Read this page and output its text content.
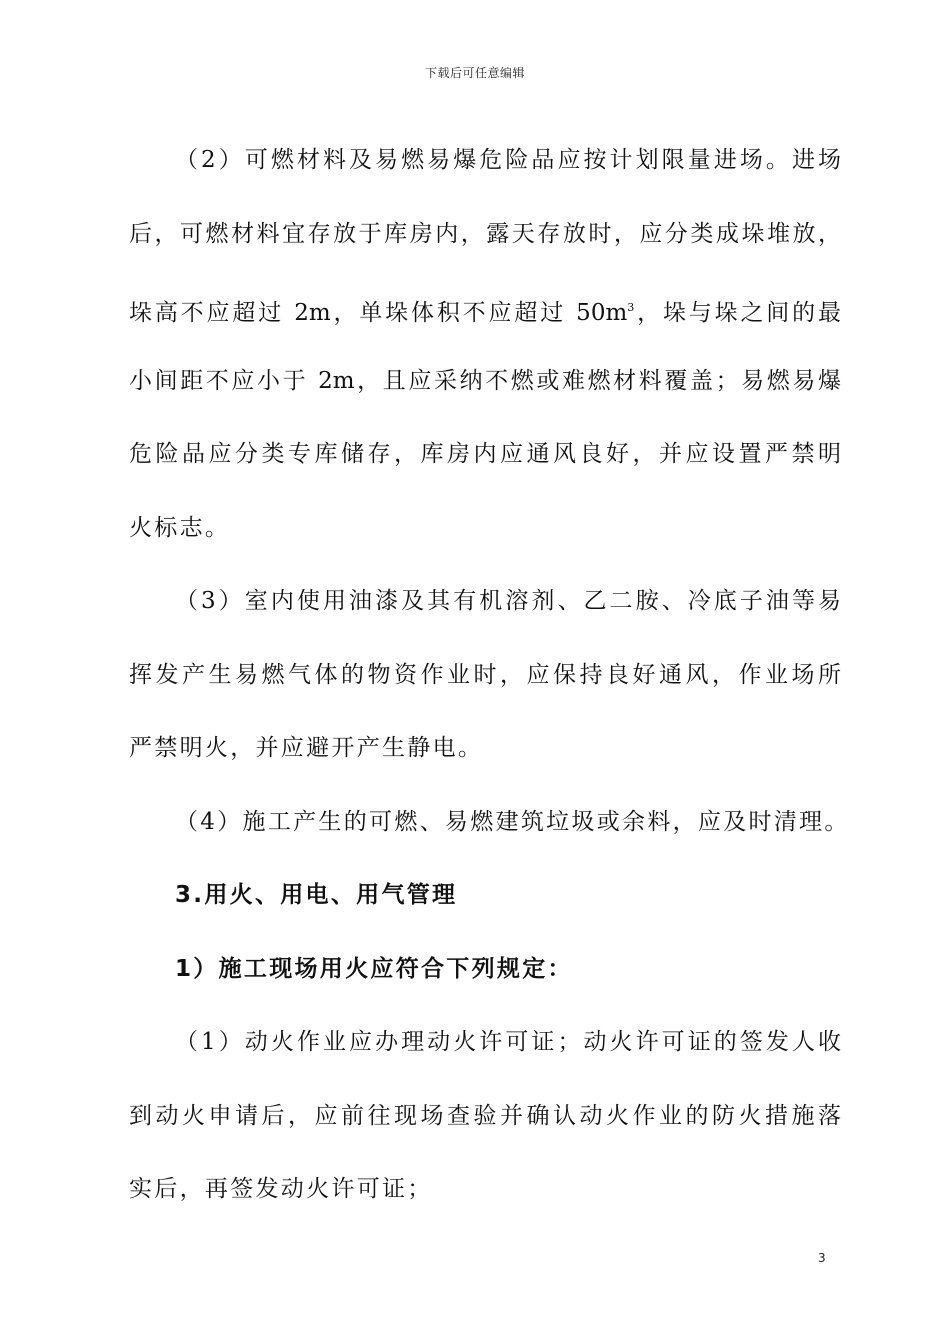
下载后可任意编辑
（2）可燃材料及易燃易爆危险品应按计划限量进场。进场
后，可燃材料宜存放于库房内，露天存放时，应分类成垛堆放，
垛高不应超过 2m，单垛体积不应超过 $50m^3$，垛与垛之间的最
小间距不应小于 2m，且应采纳不燃或难燃材料覆盖；易燃易爆
危险品应分类专库储存，库房内应通风良好，并应设置严禁明
火标志。
（3）室内使用油漆及其有机溶剂、乙二胺、冷底子油等易
挥发产生易燃气体的物资作业时，应保持良好通风，作业场所
严禁明火，并应避开产生静电。
（4）施工产生的可燃、易燃建筑垃圾或余料，应及时清理。
3.用火、用电、用气管理
1）施工现场用火应符合下列规定：
（1）动火作业应办理动火许可证；动火许可证的签发人收
到动火申请后，应前往现场查验并确认动火作业的防火措施落
实后，再签发动火许可证；
3
